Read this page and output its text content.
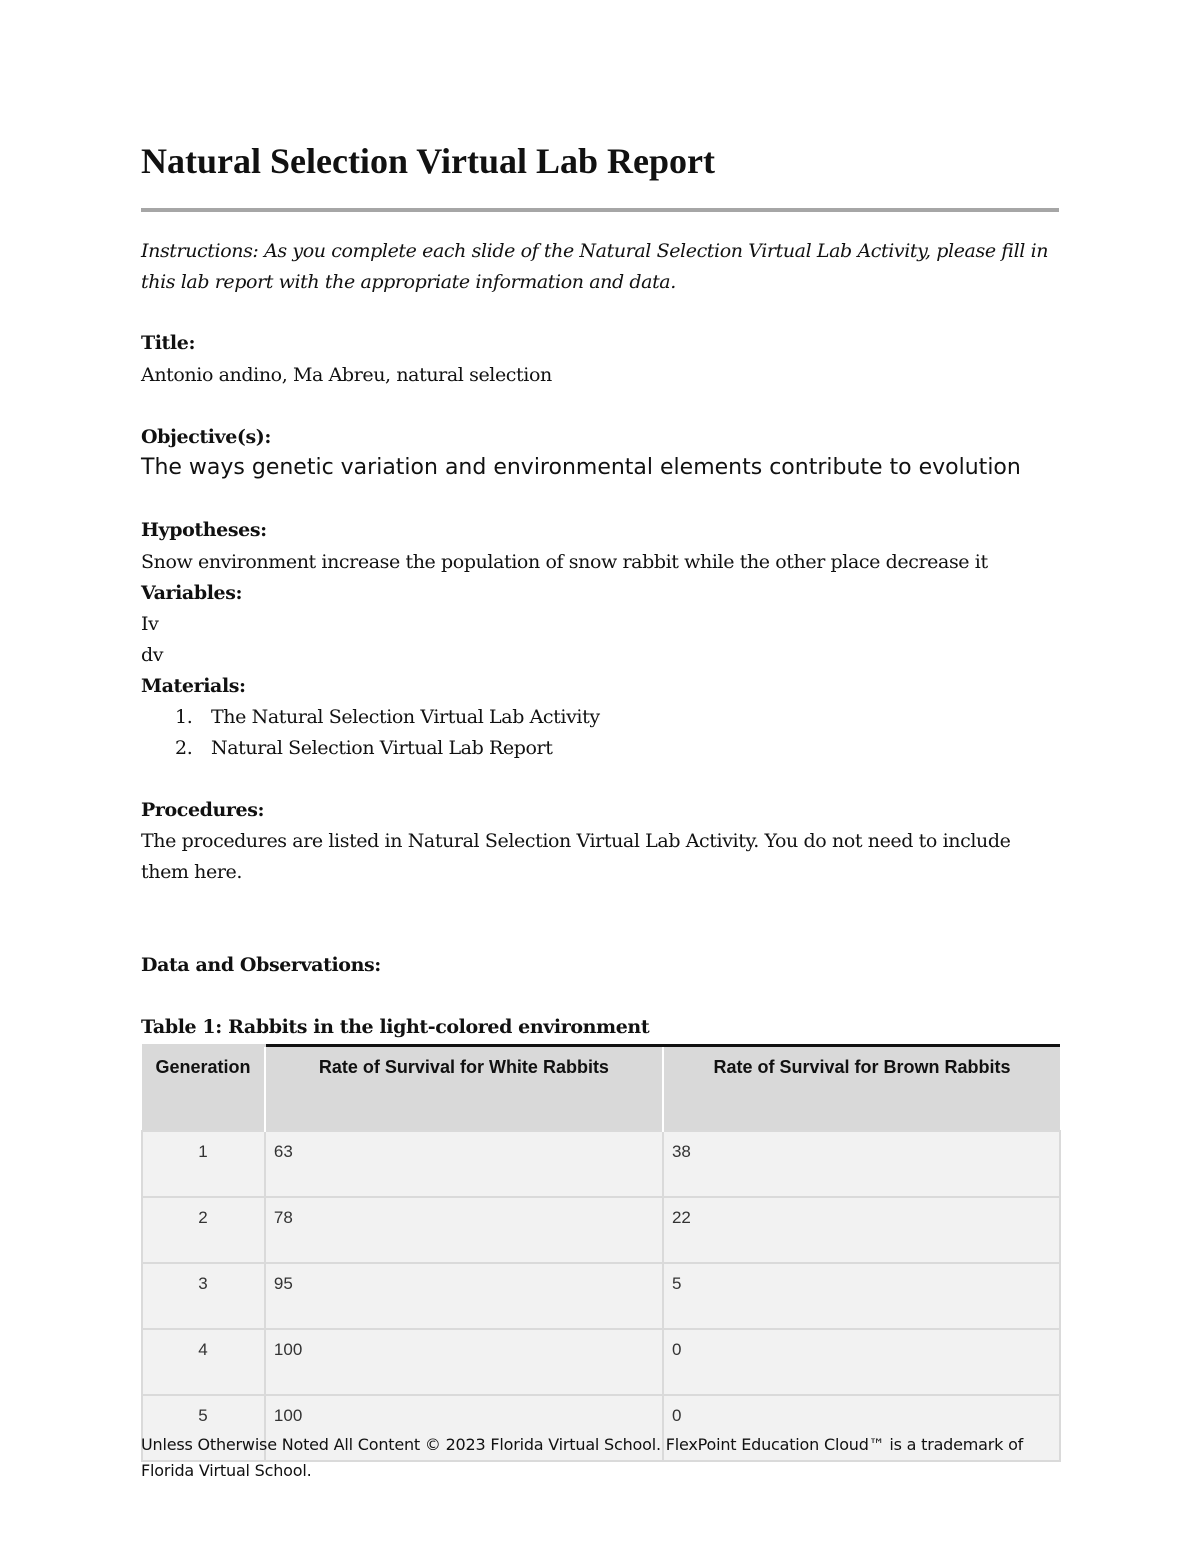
Natural Selection Virtual Lab Report
Instructions: As you complete each slide of the Natural Selection Virtual Lab Activity, please fill in this lab report with the appropriate information and data.
Title:
Antonio andino, Ma Abreu, natural selection
Objective(s):
The ways genetic variation and environmental elements contribute to evolution
Hypotheses:
Snow environment increase the population of snow rabbit while the other place decrease it
Variables:
Iv
dv
Materials:
1. The Natural Selection Virtual Lab Activity
2. Natural Selection Virtual Lab Report
Procedures:
The procedures are listed in Natural Selection Virtual Lab Activity. You do not need to include them here.
Data and Observations:
Table 1: Rabbits in the light-colored environment
Generation	Rate of Survival for White Rabbits	Rate of Survival for Brown Rabbits
1	63	38
2	78	22
3	95	5
4	100	0
5	100	0
Unless Otherwise Noted All Content © 2023 Florida Virtual School. FlexPoint Education Cloud™ is a trademark of Florida Virtual School.
